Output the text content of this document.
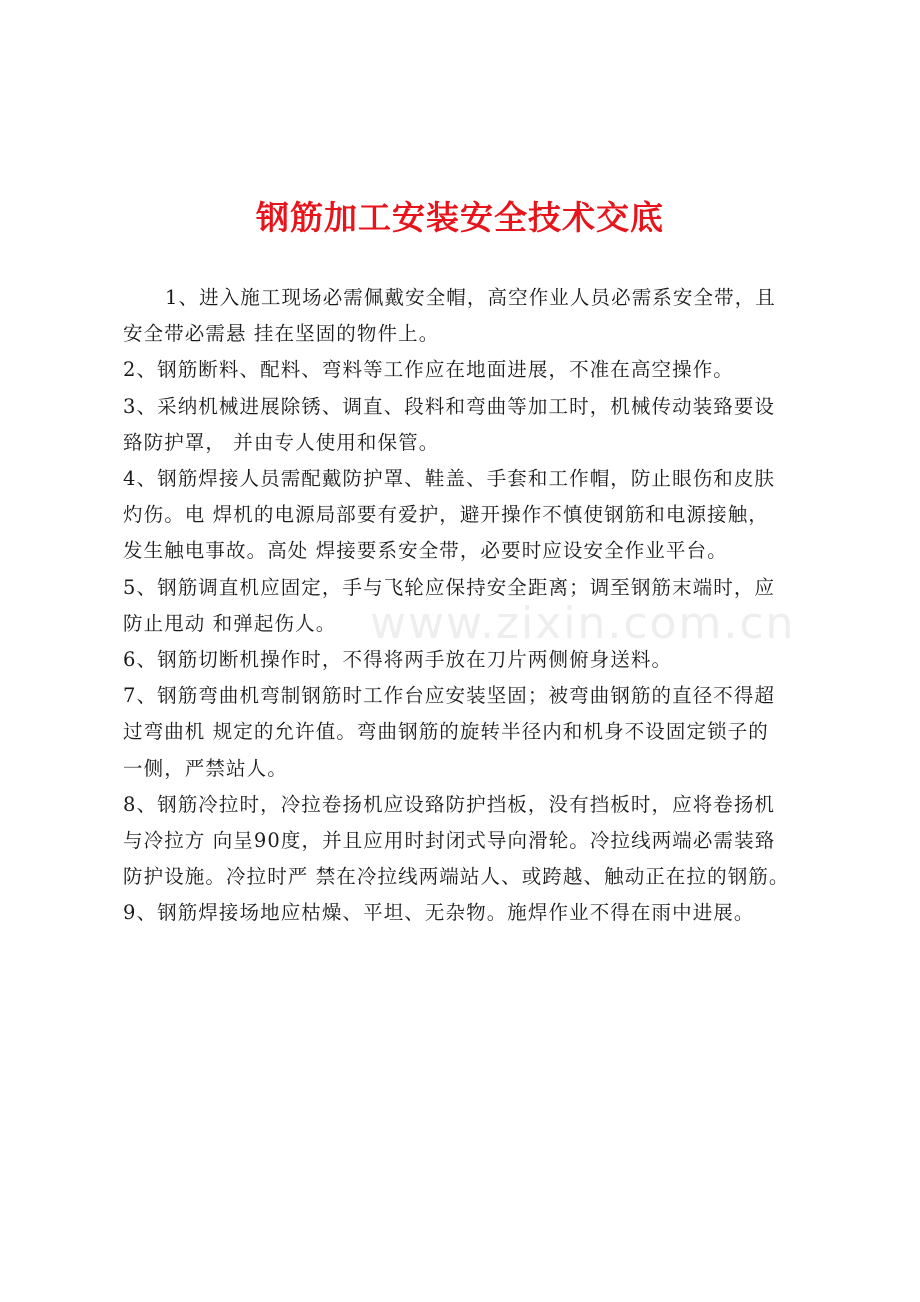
钢筋加工安装安全技术交底
1、进入施工现场必需佩戴安全帽，高空作业人员必需系安全带，且
安全带必需悬 挂在坚固的物件上。
2、钢筋断料、配料、弯料等工作应在地面进展，不准在高空操作。
3、采纳机械进展除锈、调直、段料和弯曲等加工时，机械传动装臵要设
臵防护罩， 并由专人使用和保管。
4、钢筋焊接人员需配戴防护罩、鞋盖、手套和工作帽，防止眼伤和皮肤
灼伤。电 焊机的电源局部要有爱护，避开操作不慎使钢筋和电源接触，
发生触电事故。高处 焊接要系安全带，必要时应设安全作业平台。
5、钢筋调直机应固定，手与飞轮应保持安全距离；调至钢筋末端时，应
防止甩动 和弹起伤人。
6、钢筋切断机操作时，不得将两手放在刀片两侧俯身送料。
7、钢筋弯曲机弯制钢筋时工作台应安装坚固；被弯曲钢筋的直径不得超
过弯曲机 规定的允许值。弯曲钢筋的旋转半径内和机身不设固定锁子的
一侧，严禁站人。
8、钢筋冷拉时，冷拉卷扬机应设臵防护挡板，没有挡板时，应将卷扬机
与冷拉方 向呈90度，并且应用时封闭式导向滑轮。冷拉线两端必需装臵
防护设施。冷拉时严 禁在冷拉线两端站人、或跨越、触动正在拉的钢筋。
9、钢筋焊接场地应枯燥、平坦、无杂物。施焊作业不得在雨中进展。
www.zixin.com.cn
